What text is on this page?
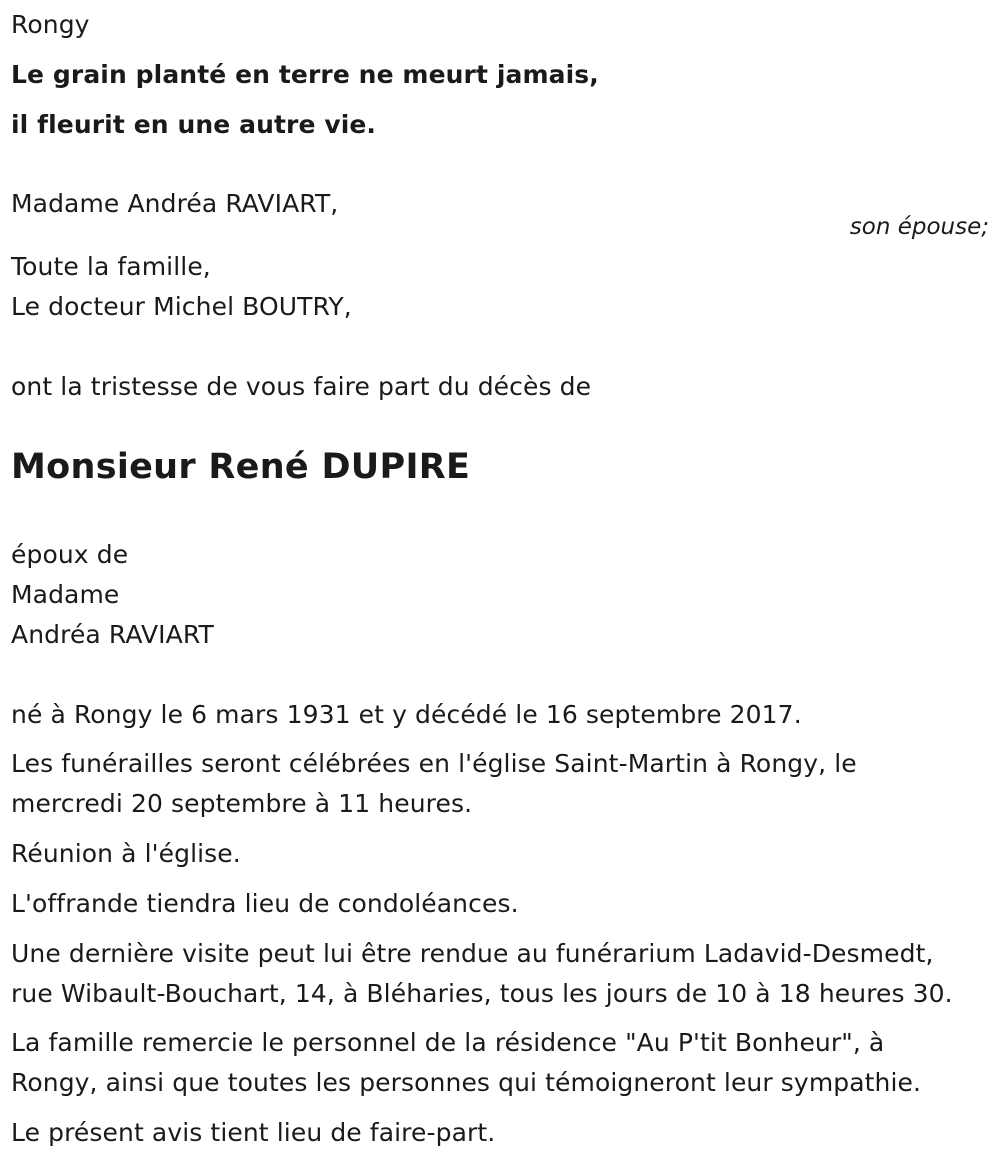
Rongy
Le grain planté en terre ne meurt jamais,
il fleurit en une autre vie.
Madame Andréa RAVIART,
son épouse;
Toute la famille,
Le docteur Michel BOUTRY,
ont la tristesse de vous faire part du décès de
Monsieur René DUPIRE
époux de
Madame
Andréa RAVIART
né à Rongy le 6 mars 1931 et y décédé le 16 septembre 2017.
Les funérailles seront célébrées en l'église Saint-Martin à Rongy, le
mercredi 20 septembre à 11 heures.
Réunion à l'église.
L'offrande tiendra lieu de condoléances.
Une dernière visite peut lui être rendue au funérarium Ladavid-Desmedt,
rue Wibault-Bouchart, 14, à Bléharies, tous les jours de 10 à 18 heures 30.
La famille remercie le personnel de la résidence "Au P'tit Bonheur", à
Rongy, ainsi que toutes les personnes qui témoigneront leur sympathie.
Le présent avis tient lieu de faire-part.
